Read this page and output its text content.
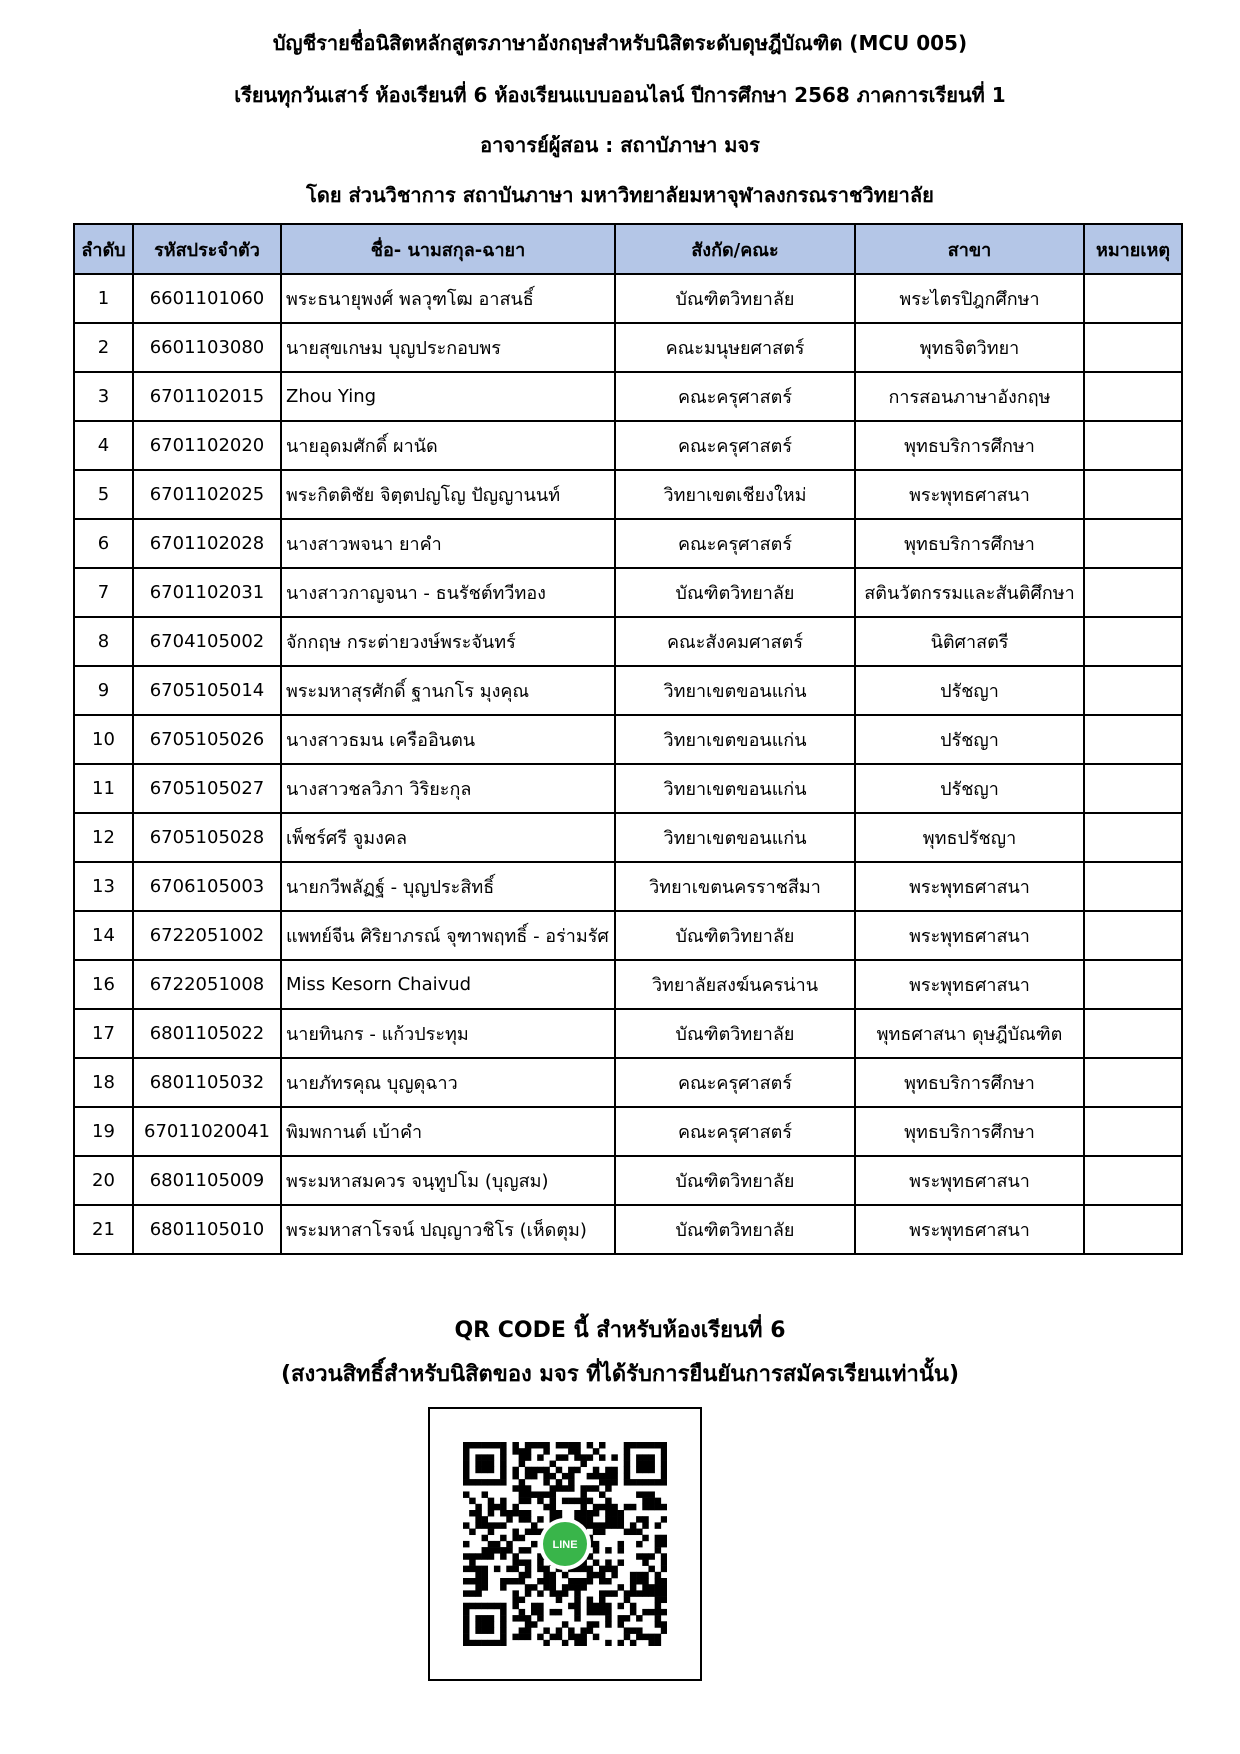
บัญชีรายชื่อนิสิตหลักสูตรภาษาอังกฤษสำหรับนิสิตระดับดุษฎีบัณฑิต (MCU 005)
เรียนทุกวันเสาร์ ห้องเรียนที่ 6 ห้องเรียนแบบออนไลน์ ปีการศึกษา 2568 ภาคการเรียนที่ 1
อาจารย์ผู้สอน : สถาบัภาษา มจร
โดย ส่วนวิชาการ สถาบันภาษา มหาวิทยาลัยมหาจุฬาลงกรณราชวิทยาลัย
ลำดับ	รหัสประจำตัว	ชื่อ- นามสกุล-ฉายา	สังกัด/คณะ	สาขา	หมายเหตุ
1	6601101060	พระธนายุพงศ์ พลวุฑโฒ อาสนธิ์	บัณฑิตวิทยาลัย	พระไตรปิฎกศึกษา	
2	6601103080	นายสุขเกษม บุญประกอบพร	คณะมนุษยศาสตร์	พุทธจิตวิทยา	
3	6701102015	Zhou Ying	คณะครุศาสตร์	การสอนภาษาอังกฤษ	
4	6701102020	นายอุดมศักดิ์ ผานัด	คณะครุศาสตร์	พุทธบริการศึกษา	
5	6701102025	พระกิตติชัย จิตฺตปญโญ ปัญญานนท์	วิทยาเขตเชียงใหม่	พระพุทธศาสนา	
6	6701102028	นางสาวพจนา ยาคำ	คณะครุศาสตร์	พุทธบริการศึกษา	
7	6701102031	นางสาวกาญจนา - ธนรัชต์ทวีทอง	บัณฑิตวิทยาลัย	สตินวัตกรรมและสันติศึกษา	
8	6704105002	จักกฤษ กระต่ายวงษ์พระจันทร์	คณะสังคมศาสตร์	นิติศาสตรี	
9	6705105014	พระมหาสุรศักดิ์ ฐานกโร มุงคุณ	วิทยาเขตขอนแก่น	ปรัชญา	
10	6705105026	นางสาวธมน เครืออินตน	วิทยาเขตขอนแก่น	ปรัชญา	
11	6705105027	นางสาวชลวิภา วิริยะกุล	วิทยาเขตขอนแก่น	ปรัชญา	
12	6705105028	เพ็ชร์ศรี จูมงคล	วิทยาเขตขอนแก่น	พุทธปรัชญา	
13	6706105003	นายกวีพลัฏฐ์ - บุญประสิทธิ์	วิทยาเขตนครราชสีมา	พระพุทธศาสนา	
14	6722051002	แพทย์จีน ศิริยาภรณ์ จุฑาพฤทธิ์ - อร่ามรัศ	บัณฑิตวิทยาลัย	พระพุทธศาสนา	
16	6722051008	Miss Kesorn Chaivud	วิทยาลัยสงฆ์นครน่าน	พระพุทธศาสนา	
17	6801105022	นายทินกร - แก้วประทุม	บัณฑิตวิทยาลัย	พุทธศาสนา ดุษฎีบัณฑิต	
18	6801105032	นายภัทรคุณ บุญดุฉาว	คณะครุศาสตร์	พุทธบริการศึกษา	
19	67011020041	พิมพกานต์ เบ้าคำ	คณะครุศาสตร์	พุทธบริการศึกษา	
20	6801105009	พระมหาสมควร จนฺทูปโม (บุญสม)	บัณฑิตวิทยาลัย	พระพุทธศาสนา	
21	6801105010	พระมหาสาโรจน์ ปญฺญาวชิโร (เห็ดตุม)	บัณฑิตวิทยาลัย	พระพุทธศาสนา	
QR CODE นี้ สำหรับห้องเรียนที่ 6
(สงวนสิทธิ์สำหรับนิสิตของ มจร ที่ได้รับการยืนยันการสมัครเรียนเท่านั้น)
LINE
